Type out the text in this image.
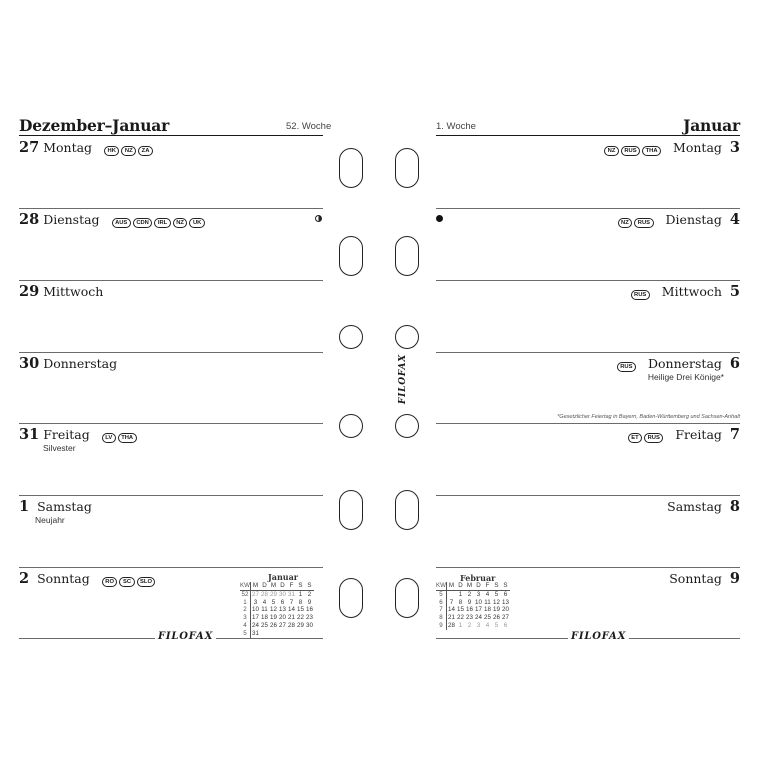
Dezember–Januar	52. Woche
27 Montag	HK	NZ	ZA
28 Dienstag	AUS	CDN	IRL	NZ	UK
29 Mittwoch
30 Donnerstag
31 Freitag	LV	THA
Silvester
1 Samstag
Neujahr
2 Sonntag	RO	SC	SLO	Januar
KW	M	D	M	D	F	S	S
52	27	28	29	30	31	1	2
1	3	4	5	6	7	8	9
2	10	11	12	13	14	15	16
3	17	18	19	20	21	22	23
4	24	25	26	27	28	29	30
5	31						
FILOFAX
Januar
1. Woche
NZ	RUS	THA Montag 3
NZ	RUS Dienstag 4
RUS Mittwoch 5
RUS Donnerstag 6
Heilige Drei Könige*
*Gesetzlicher Feiertag in Bayern, Baden-Württemberg und Sachsen-Anhalt
ET	RUS Freitag 7
Samstag 8
Sonntag 9
Februar
KW	M	D	M	D	F	S	S
5		1	2	3	4	5	6
6	7	8	9	10	11	12	13
7	14	15	16	17	18	19	20
8	21	22	23	24	25	26	27
9	28	1	2	3	4	5	6
FILOFAX
FILOFAX
